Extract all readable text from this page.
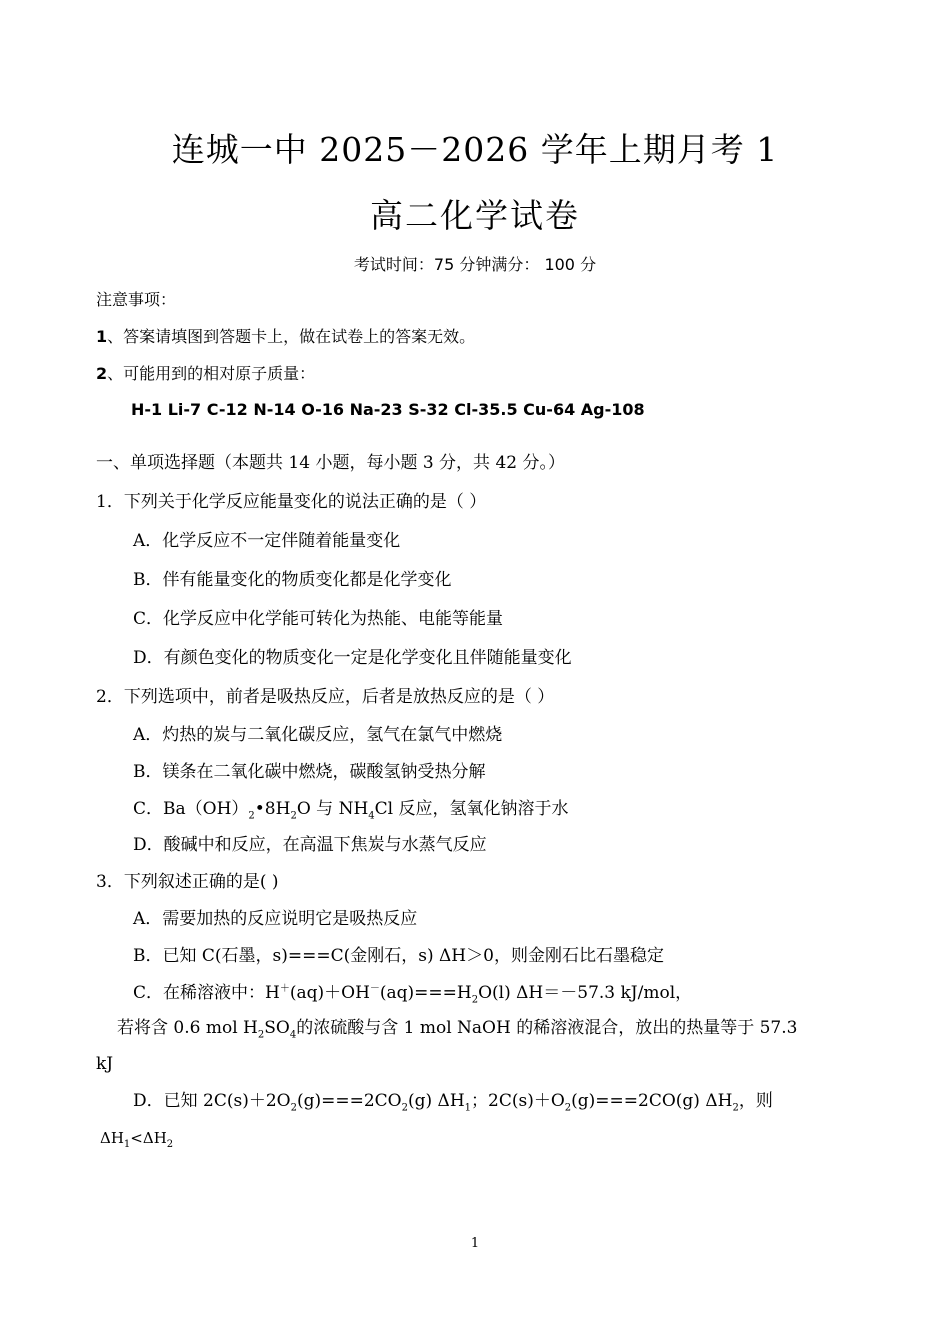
连城一中 2025－2026 学年上期月考 1
高二化学试卷
考试时间：75 分钟满分： 100 分
注意事项：
1、答案请填图到答题卡上，做在试卷上的答案无效。
2、可能用到的相对原子质量：
H-1 Li-7 C-12 N-14 O-16 Na-23 S-32 Cl-35.5 Cu-64 Ag-108
一、单项选择题（本题共 14 小题，每小题 3 分，共 42 分。）
1．下列关于化学反应能量变化的说法正确的是（ ）
A．化学反应不一定伴随着能量变化
B．伴有能量变化的物质变化都是化学变化
C．化学反应中化学能可转化为热能、电能等能量
D．有颜色变化的物质变化一定是化学变化且伴随能量变化
2．下列选项中，前者是吸热反应，后者是放热反应的是（ ）
A．灼热的炭与二氧化碳反应，氢气在氯气中燃烧
B．镁条在二氧化碳中燃烧，碳酸氢钠受热分解
C．$Ba(OH)_2•8H_2O$ 与 $NH_4Cl$ 反应，氢氧化钠溶于水
D．酸碱中和反应，在高温下焦炭与水蒸气反应
3．下列叙述正确的是( )
A．需要加热的反应说明它是吸热反应
B．已知 C(石墨，s)===C(金刚石，s) ΔH＞0，则金刚石比石墨稳定
C．在稀溶液中：$H^+(aq)+OH^-(aq)===H_2O(l)$ ΔH＝－57.3 kJ/mol，
若将含 0.6 mol $H_2SO_4$的浓硫酸与含 1 mol NaOH 的稀溶液混合，放出的热量等于 57.3
kJ
D．已知 $2C(s)+2O_2(g)===2CO_2(g)$ $\Delta H_1$；$2C(s)+O_2(g)===2CO(g)$ $\Delta H_2$，则
$\Delta H_1<\Delta H_2$
1
